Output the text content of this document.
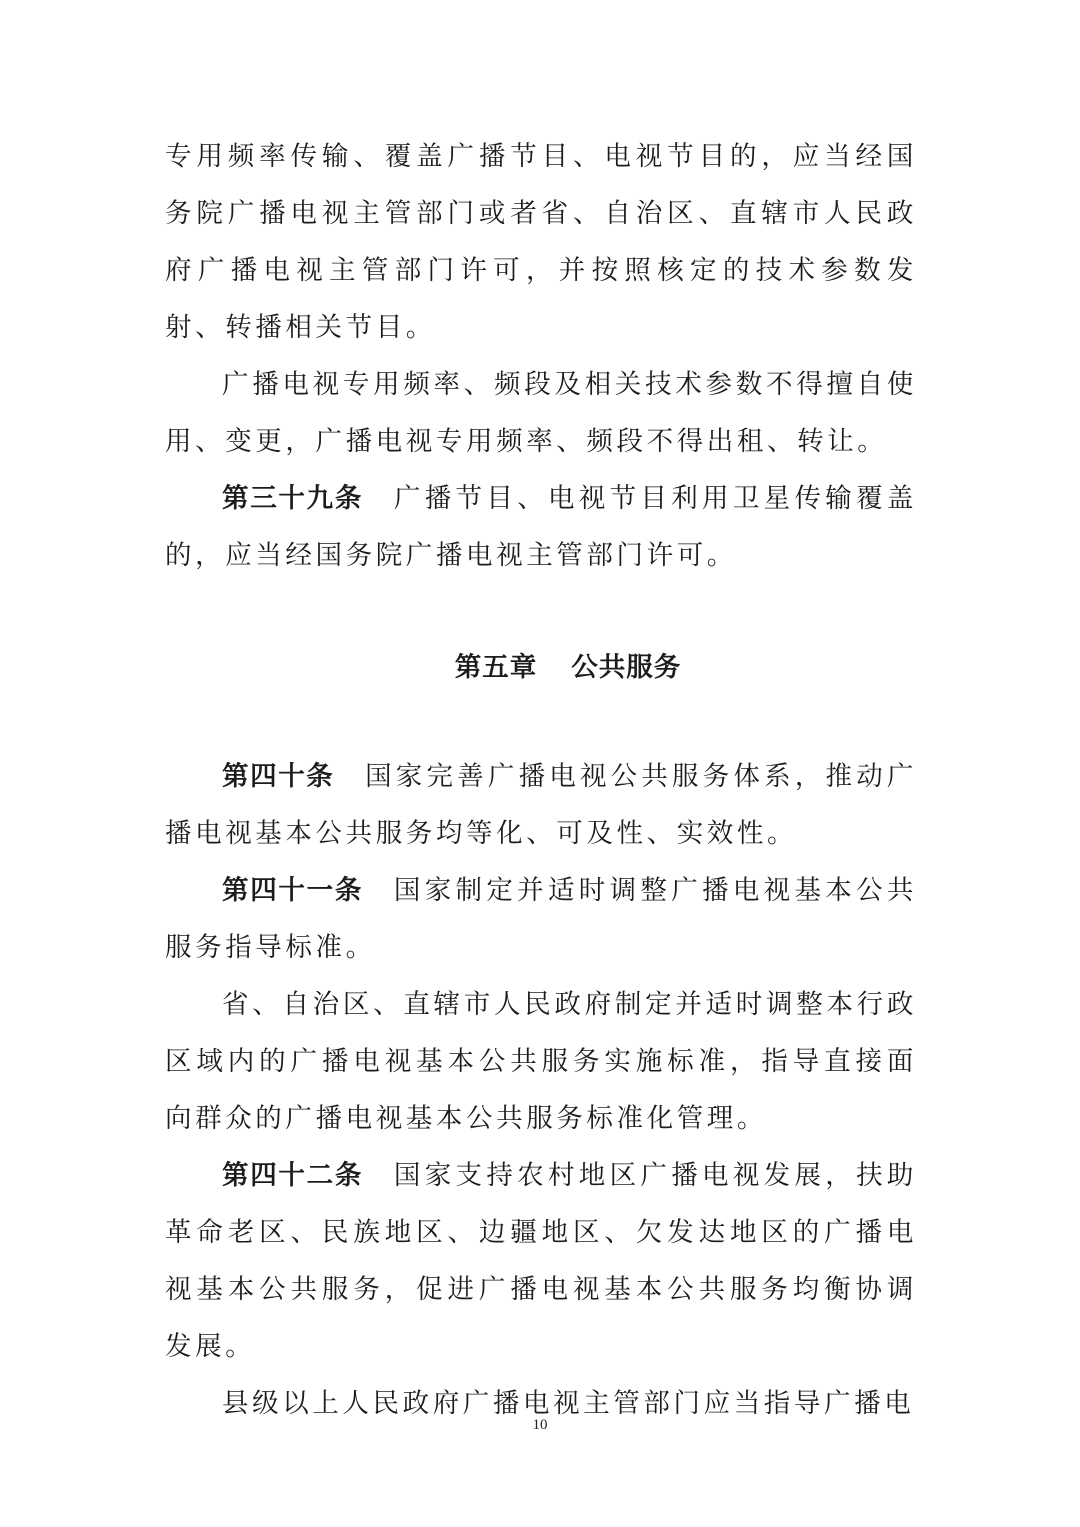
专用频率传输、覆盖广播节目、电视节目的，应当经国务院广播电视主管部门或者省、自治区、直辖市人民政府广播电视主管部门许可，并按照核定的技术参数发射、转播相关节目。

广播电视专用频率、频段及相关技术参数不得擅自使用、变更，广播电视专用频率、频段不得出租、转让。

第三十九条  广播节目、电视节目利用卫星传输覆盖的，应当经国务院广播电视主管部门许可。

第五章 公共服务

第四十条  国家完善广播电视公共服务体系，推动广播电视基本公共服务均等化、可及性、实效性。

第四十一条  国家制定并适时调整广播电视基本公共服务指导标准。

省、自治区、直辖市人民政府制定并适时调整本行政区域内的广播电视基本公共服务实施标准，指导直接面向群众的广播电视基本公共服务标准化管理。

第四十二条  国家支持农村地区广播电视发展，扶助革命老区、民族地区、边疆地区、欠发达地区的广播电视基本公共服务，促进广播电视基本公共服务均衡协调发展。

县级以上人民政府广播电视主管部门应当指导广播电

10
